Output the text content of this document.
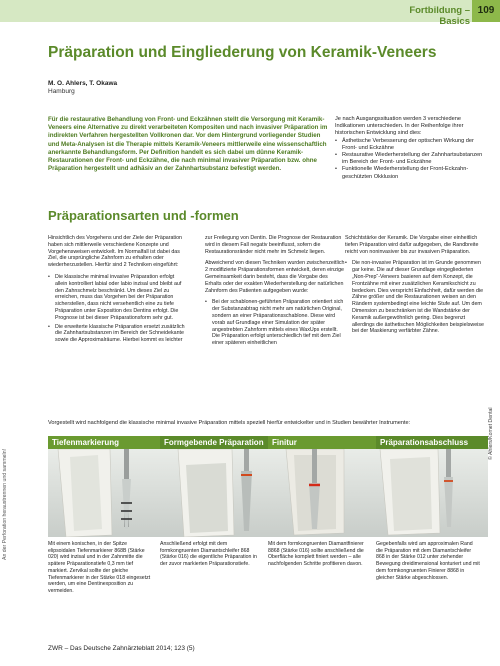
Fortbildung – Basics
109
Präparation und Eingliederung von Keramik-Veneers
M. O. Ahlers, T. Okawa
Hamburg
Für die restaurative Behandlung von Front- und Eckzähnen stellt die Versorgung mit Keramik-Veneers eine Alternative zu direkt verarbeiteten Kompositen und nach invasiver Präparation im indirekten Verfahren hergestellten Vollkronen dar. Vor dem Hintergrund vorliegender Studien und Meta-Analysen ist die Therapie mittels Keramik-Veneers mittlerweile eine wissenschaftlich anerkannte Behandlungsform. Per Definition handelt es sich dabei um dünne Keramik-Restaurationen der Front- und Eckzähne, die nach minimal invasiver Präparation bzw. ohne Präparation hergestellt und adhäsiv an der Zahnhartsubstanz befestigt werden.

Je nach Ausgangssituation werden 3 verschiedene Indikationen unterschieden. In der Reihenfolge ihrer historischen Entwicklung sind dies:

• Ästhetische Verbesserung der optischen Wirkung der Front- und Eckzähne
• Restaurative Wiederherstellung der Zahnhartsubstanzen im Bereich der Front- und Eckzähne
• Funktionelle Wiederherstellung der Front-Eckzahn-geschützten Okklusion
Präparationsarten und -formen

Hinsichtlich des Vorgehens und der Ziele der Präparation haben sich mittlerweile verschiedene Konzepte und Vorgehensweisen entwickelt. Im Normalfall ist dabei das Ziel, die ursprüngliche Zahnform zu erhalten oder wiederherzustellen. Hierfür sind 2 Techniken eingeführt:

• Die klassische minimal invasive Präparation erfolgt allein kontrolliert labial oder labio inzisal und bleibt auf den Zahnschmelz beschränkt. Um dieses Ziel zu erreichen, muss das Vorgehen bei der Präparation sicherstellen, dass nicht versehentlich eine zu tiefe Präparation unter Exposition des Dentins erfolgt. Die Prognose ist bei dieser Präparationsform sehr gut.
• Die erweiterte klassische Präparation ersetzt zusätzlich die Zahnhartsubstanzen im Bereich der Schneidekante sowie die Approximalräume. Hierbei kommt es leichter

zur Freilegung von Dentin. Die Prognose der Restauration wird in diesem Fall negativ beeinflusst, sofern die Restaurationsränder nicht mehr im Schmelz liegen.

Abweichend von diesen Techniken wurden zwischenzeitlich 2 modifizierte Präparationsformen entwickelt, deren einzige Gemeinsamkeit darin besteht, dass die Vorgabe des Erhalts oder der exakten Wiederherstellung der natürlichen Zahnform des Patienten aufgegeben wurde:

• Bei der schablonen-geführten Präparation orientiert sich der Substanzabtrag nicht mehr am natürlichen Original, sondern an einer Präparationsschablone. Diese wird vorab auf Grundlage einer Simulation der später angestrebten Zahnform mittels eines WaxUps erstellt. Die Präparation erfolgt unterschiedlich tief mit dem Ziel einer späteren einheitlichen

Schichtstärke der Keramik. Die Vorgabe einer einheitlich tiefen Präparation wird dafür aufgegeben, die Randbreite reicht von noninvasiver bis zur invasiven Präparation.

• Die non-invasive Präparation ist im Grunde genommen gar keine. Die auf dieser Grundlage eingegliederten „Non-Prep“-Veneers basieren auf dem Konzept, die Frontzähne mit einer zusätzlichen Keramikschicht zu bedecken. Dies verspricht Einfachheit, dafür werden die Zähne größer und die Restaurationen weisen an den Rändern systembedingt eine leichte Stufe auf. Um dem Dimension zu beschränken ist die Wandstärke der Keramik außergewöhnlich gering. Dies begrenzt allerdings die ästhetischen Möglichkeiten beispielsweise bei der Maskierung verfärbter Zähne.
Vorgestellt wird nachfolgend die klassische minimal invasive Präparation mittels speziell hierfür entwickelter und in Studien bewährter Instrumente:
Tiefenmarkierung	Formgebende Präparation	Finitur	Präparationsabschluss
Mit einem konischen, in der Spitze elipsoidalen Tiefenmarkierer 868B (Stärke 020) wird inzisal und in der Zahnmitte die spätere Präparationstiefe 0,3 mm tief markiert. Zervikal sollte der gleiche Tiefenmarkierer in der Stärke 018 eingesetzt werden, um eine Dentinexposition zu vermeiden.
Anschließend erfolgt mit dem formkongruenten Diamantschleifer 868 (Stärke 016) die eigentliche Präparation in der zuvor markierten Präparationstiefe.
Mit dem formkongruenten Diamantfinierer 8868 (Stärke 016) sollte anschließend die Oberfläche komplett finiert werden – alle nachfolgenden Schritte profitieren davon.
Gegebenfalls wird am approximalen Rand die Präparation mit dem Diamantschleifer 868 in der Stärke 012 unter ziehender Bewegung dreidimensional konturiert und mit dem formkongruenten Finierer 8868 in gleicher Stärke abgeschlossen.
An der Perforation heraustrennen und sammeln!
© Ahlers/Komet Dental
ZWR – Das Deutsche Zahnärzteblatt 2014; 123 (5)
